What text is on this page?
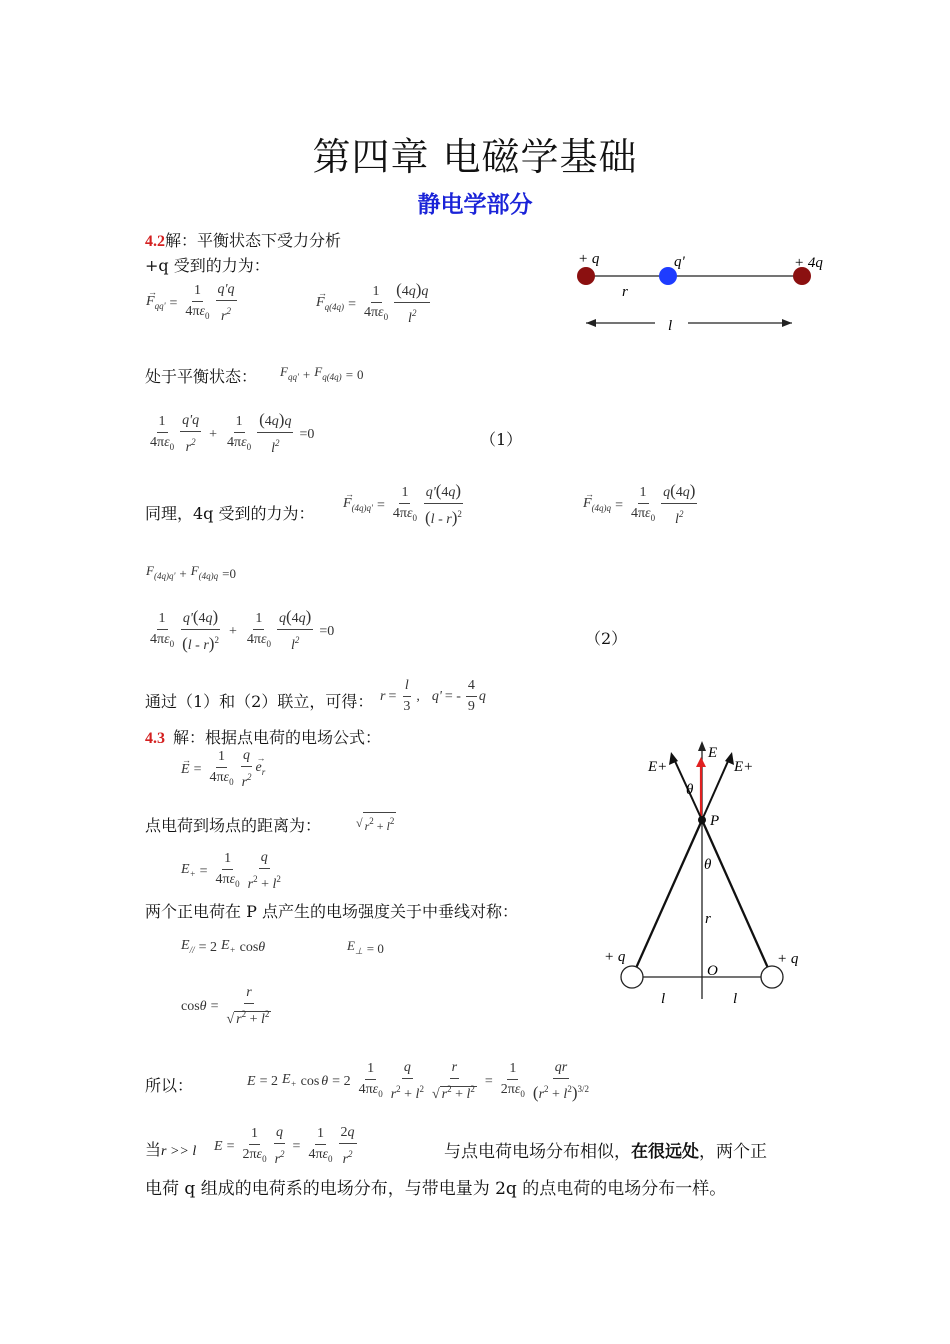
第四章 电磁学基础
静电学部分
4.2解：平衡状态下受力分析
+q 受到的力为：
$F_{qq'}$
→
= $\frac{1}{4\pi\varepsilon_0} \frac{q'q}{r^2}$	$F_{q(4q)}$
→
= $\frac{1}{4\pi\varepsilon_0} \frac{(4q)q}{l^2}$
处于平衡状态： $F_{qq'} + F_{q(4q)} = 0$
$\frac{1}{4\pi\varepsilon_0} \frac{q'q}{r^2} + \frac{1}{4\pi\varepsilon_0} \frac{(4q)q}{l^2} =0$	（1）
同理，4q 受到的力为：
$F_{(4q)q'}$
→
= $\frac{1}{4\pi\varepsilon_0} \frac{q'(4q)}{(l - r)^2}$	$F_{(4q)q}$
→
= $\frac{1}{4\pi\varepsilon_0} \frac{q(4q)}{l^2}$
$F_{(4q)q'} + F_{(4q)q} =0$
$\frac{1}{4\pi\varepsilon_0} \frac{q'(4q)}{(l - r)^2} + \frac{1}{4\pi\varepsilon_0} \frac{q(4q)}{l^2} =0$	（2）
通过（1）和（2）联立，可得： $r = \frac{l}{3}$ , q' = - $\frac{4}{9}$ q
+ q	q'	+ 4q
r
l
4.3 解：根据点电荷的电场公式：
E
→
= $\frac{1}{4\pi\varepsilon_0} \frac{q}{r^2} e_r$
→
点电荷到场点的距离为：	√ $r^2 + l^2$
$E_+ = \frac{1}{4\pi\varepsilon_0} \frac{q}{r^2 + l^2}$
两个正电荷在 P 点产生的电场强度关于中垂线对称：
$E_{//} = 2$ $E_+$ cos θ	$E_\perp = 0$
$\cos \theta = \frac{r}{√ r^2 + l^2}$
所以：	E = 2 $E_+$ $\cos \theta = 2 \frac{1}{4\pi\varepsilon_0} \frac{q}{r^2 + l^2} \frac{r}{√ r^2 + l^2} = \frac{1}{2\pi\varepsilon_0} \frac{qr}{(r^2 + l^2)^{3/2}}$
当r >> l $E = \frac{1}{2\pi\varepsilon_0} \frac{q}{r^2} = \frac{1}{4\pi\varepsilon_0} \frac{2q}{r^2}$	与点电荷电场分布相似，在很远处，两个正
电荷 q 组成的电荷系的电场分布，与带电量为 2q 的点电荷的电场分布一样。
E
E+	E+
θ
P
θ
r
O
+ q	+ q
l	l
